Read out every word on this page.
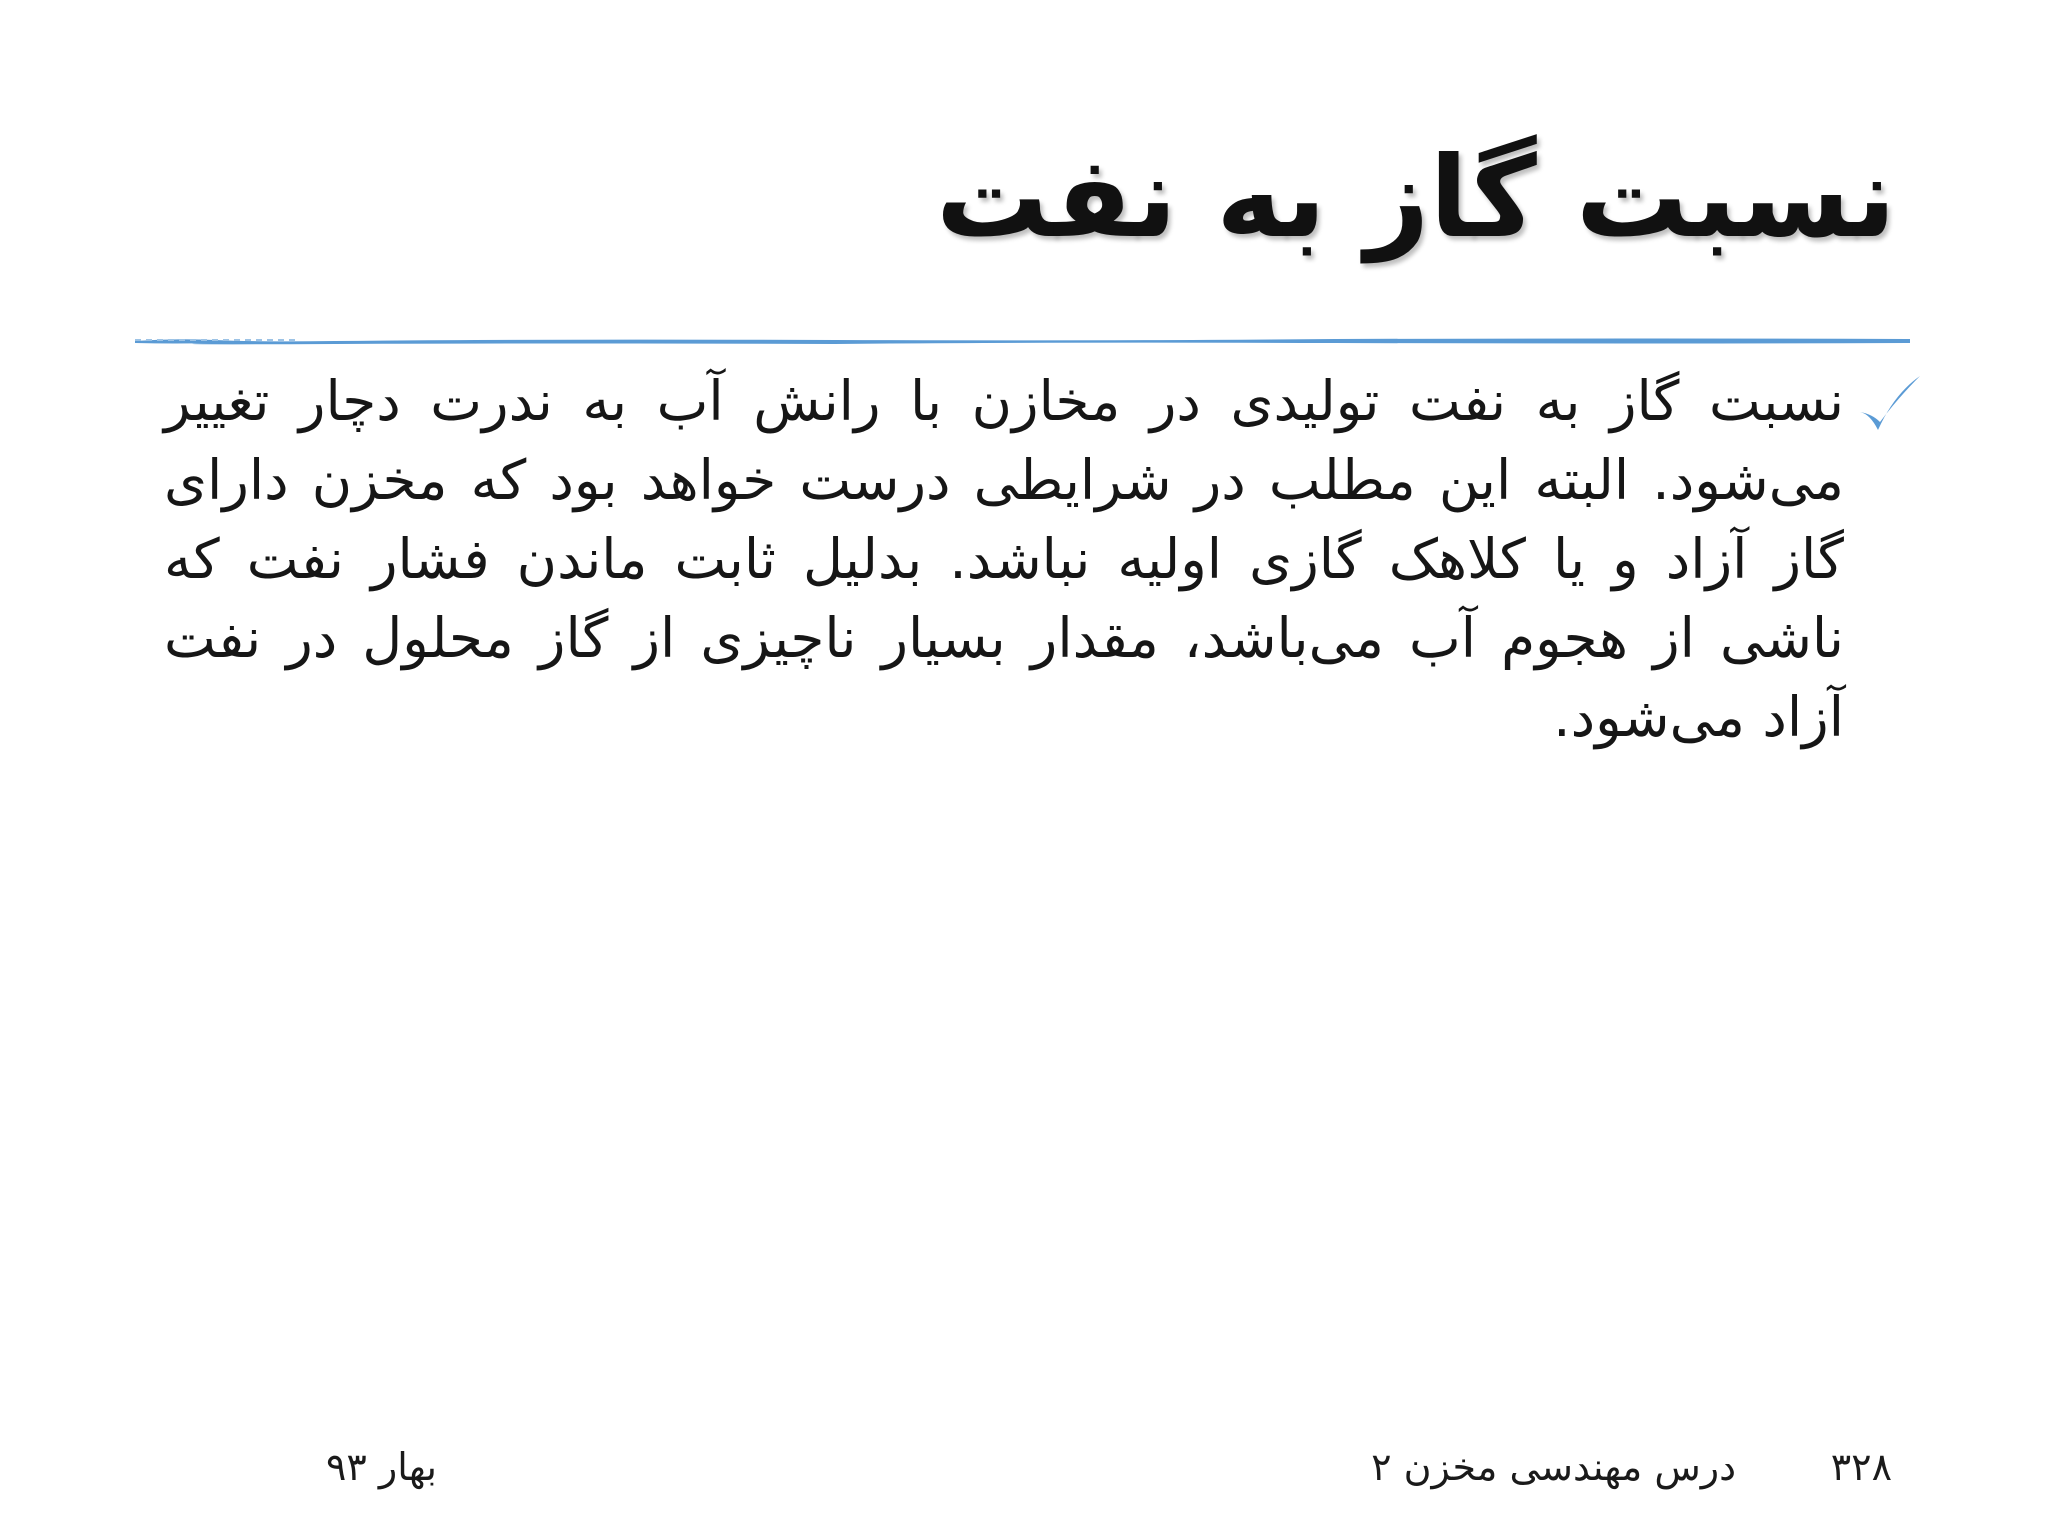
نسبت گاز به نفت

نسبت گاز به نفت تولیدی در مخازن با رانش آب به ندرت دچار تغییر می‌شود. البته این مطلب در شرایطی درست خواهد بود که مخزن دارای گاز آزاد و یا کلاهک گازی اولیه نباشد. بدلیل ثابت ماندن فشار نفت که ناشی از هجوم آب می‌باشد، مقدار بسیار ناچیزی از گاز محلول در نفت آزاد می‌شود.

۳۲۸
درس مهندسی مخزن ۲
بهار ۹۳
